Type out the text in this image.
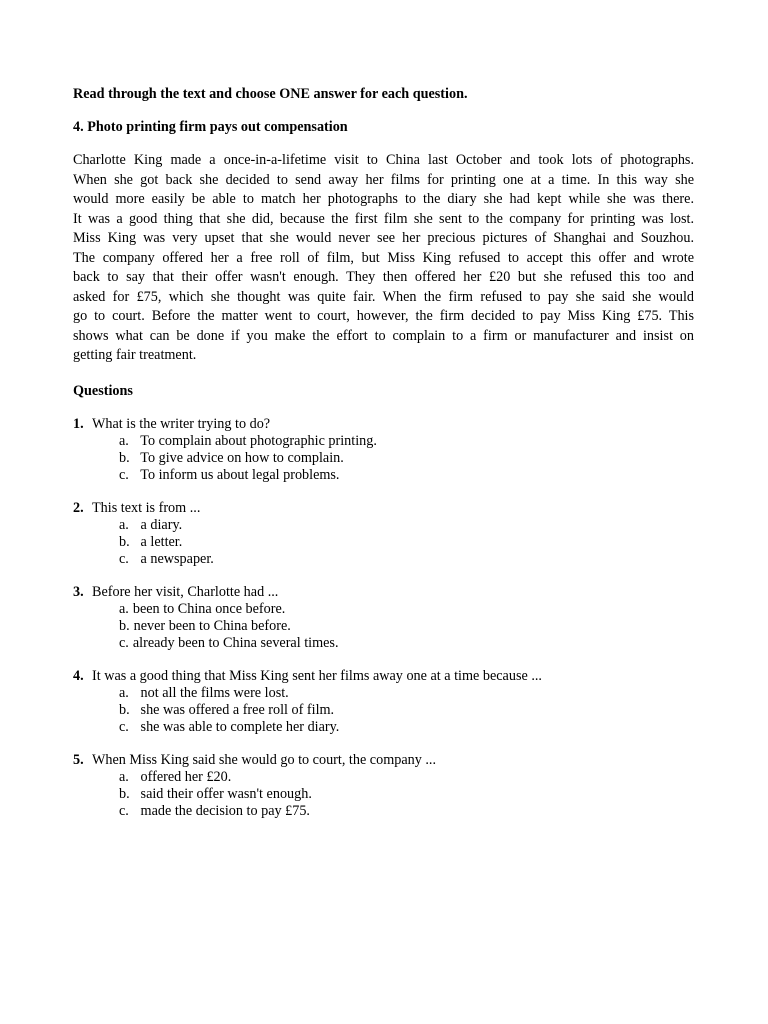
Read through the text and choose ONE answer for each question.

4. Photo printing firm pays out compensation

Charlotte King made a once-in-a-lifetime visit to China last October and took lots of photographs.
When she got back she decided to send away her films for printing one at a time. In this way she
would more easily be able to match her photographs to the diary she had kept while she was there.
It was a good thing that she did, because the first film she sent to the company for printing was lost.
Miss King was very upset that she would never see her precious pictures of Shanghai and Souzhou.
The company offered her a free roll of film, but Miss King refused to accept this offer and wrote
back to say that their offer wasn't enough. They then offered her £20 but she refused this too and
asked for £75, which she thought was quite fair. When the firm refused to pay she said she would
go to court. Before the matter went to court, however, the firm decided to pay Miss King £75. This
shows what can be done if you make the effort to complain to a firm or manufacturer and insist on
getting fair treatment.

Questions

1. What is the writer trying to do?
a. To complain about photographic printing.
b. To give advice on how to complain.
c. To inform us about legal problems.
2. This text is from ...
a. a diary.
b. a letter.
c. a newspaper.
3. Before her visit, Charlotte had ...
a. been to China once before.
b. never been to China before.
c. already been to China several times.
4. It was a good thing that Miss King sent her films away one at a time because ...
a. not all the films were lost.
b. she was offered a free roll of film.
c. she was able to complete her diary.
5. When Miss King said she would go to court, the company ...
a. offered her £20.
b. said their offer wasn't enough.
c. made the decision to pay £75.
